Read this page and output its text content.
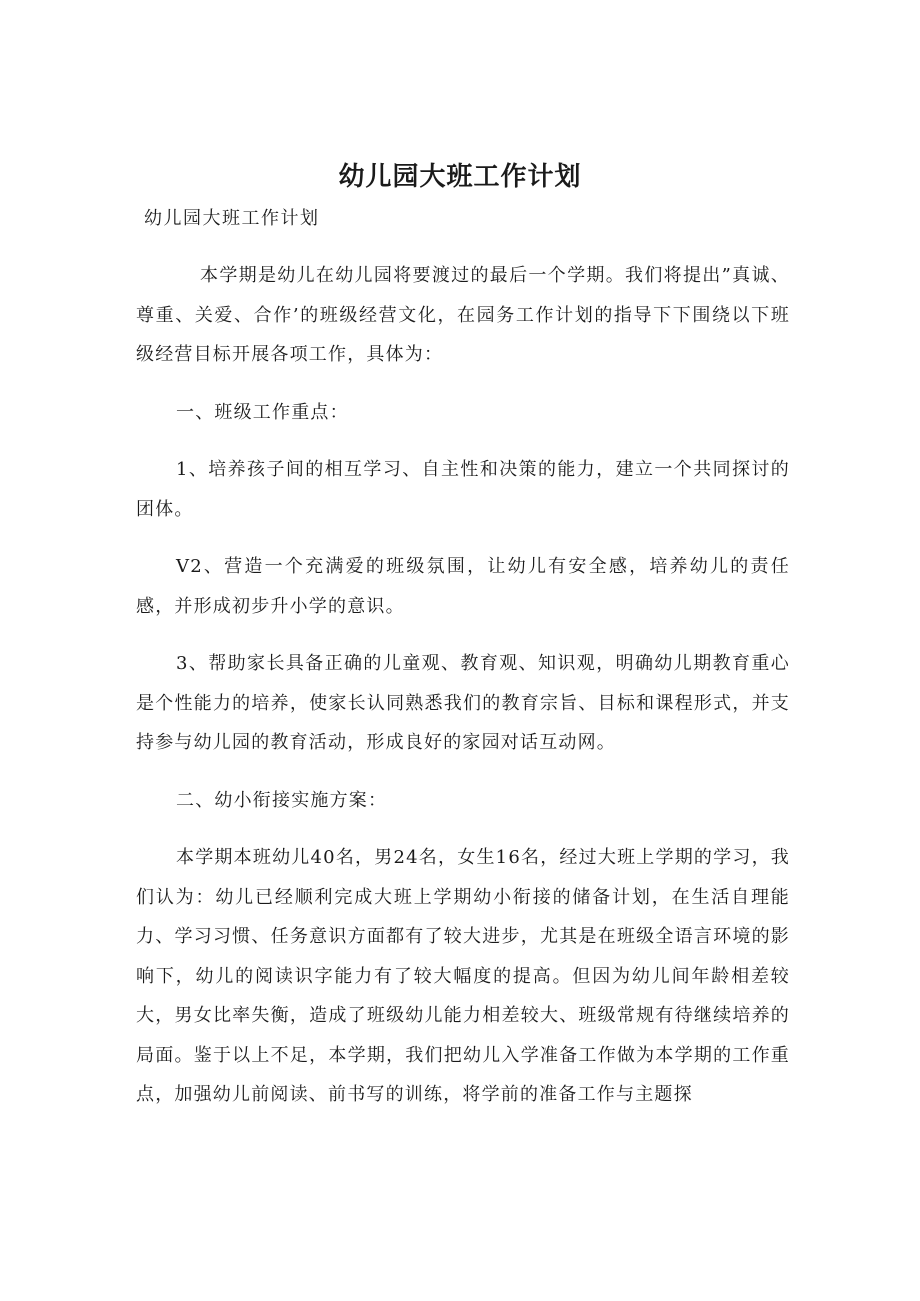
幼儿园大班工作计划

幼儿园大班工作计划

本学期是幼儿在幼儿园将要渡过的最后一个学期。我们将提出”真诚、尊重、关爱、合作’的班级经营文化，在园务工作计划的指导下下围绕以下班级经营目标开展各项工作，具体为：

一、班级工作重点：

1、培养孩子间的相互学习、自主性和决策的能力，建立一个共同探讨的团体。

V2、营造一个充满爱的班级氛围，让幼儿有安全感，培养幼儿的责任感，并形成初步升小学的意识。

3、帮助家长具备正确的儿童观、教育观、知识观，明确幼儿期教育重心是个性能力的培养，使家长认同熟悉我们的教育宗旨、目标和课程形式，并支持参与幼儿园的教育活动，形成良好的家园对话互动网。

二、幼小衔接实施方案：

本学期本班幼儿40名，男24名，女生16名，经过大班上学期的学习，我们认为：幼儿已经顺利完成大班上学期幼小衔接的储备计划，在生活自理能力、学习习惯、任务意识方面都有了较大进步，尤其是在班级全语言环境的影响下，幼儿的阅读识字能力有了较大幅度的提高。但因为幼儿间年龄相差较大，男女比率失衡，造成了班级幼儿能力相差较大、班级常规有待继续培养的局面。鉴于以上不足，本学期，我们把幼儿入学准备工作做为本学期的工作重点，加强幼儿前阅读、前书写的训练，将学前的准备工作与主题探
